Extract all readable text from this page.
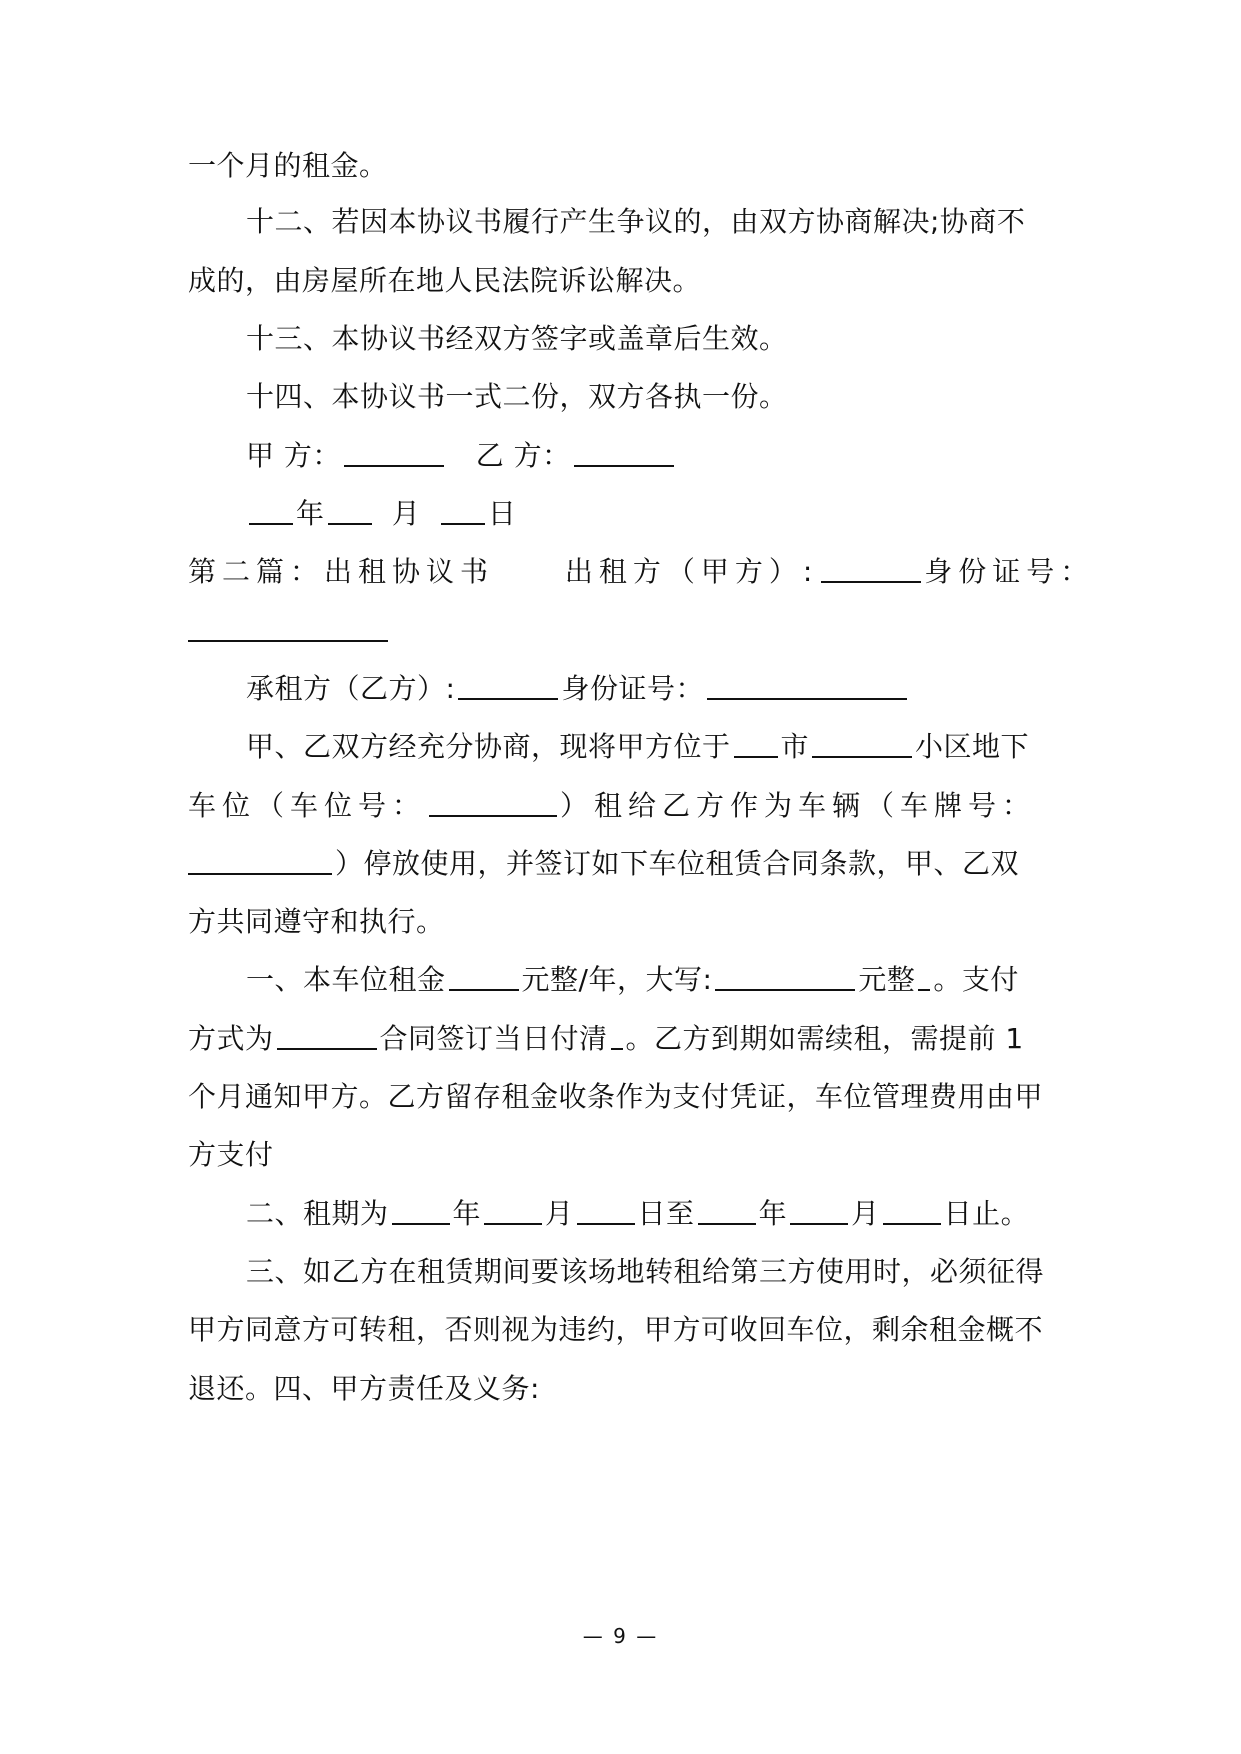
一个月的租金。
十二、若因本协议书履行产生争议的，由双方协商解决;协商不
成的，由房屋所在地人民法院诉讼解决。
十三、本协议书经双方签字或盖章后生效。
十四、本协议书一式二份，双方各执一份。
甲 方：	乙 方：
年 月 日
第二篇：出租协议书	出租方（甲方）:	身份证号：
承租方（乙方）:	身份证号：
甲、乙双方经充分协商，现将甲方位于 市	小区地下
车位（车位号：	）租给乙方作为车辆（车牌号：
）停放使用，并签订如下车位租赁合同条款，甲、乙双
方共同遵守和执行。
一、本车位租金	元整/年，大写:	元整 。支付
方式为	合同签订当日付清 。乙方到期如需续租，需提前 1
个月通知甲方。乙方留存租金收条作为支付凭证，车位管理费用由甲
方支付
二、租期为 年 月 日至 年 月 日止。
三、如乙方在租赁期间要该场地转租给第三方使用时，必须征得
甲方同意方可转租，否则视为违约，甲方可收回车位，剩余租金概不
退还。四、甲方责任及义务:
— 9 —
